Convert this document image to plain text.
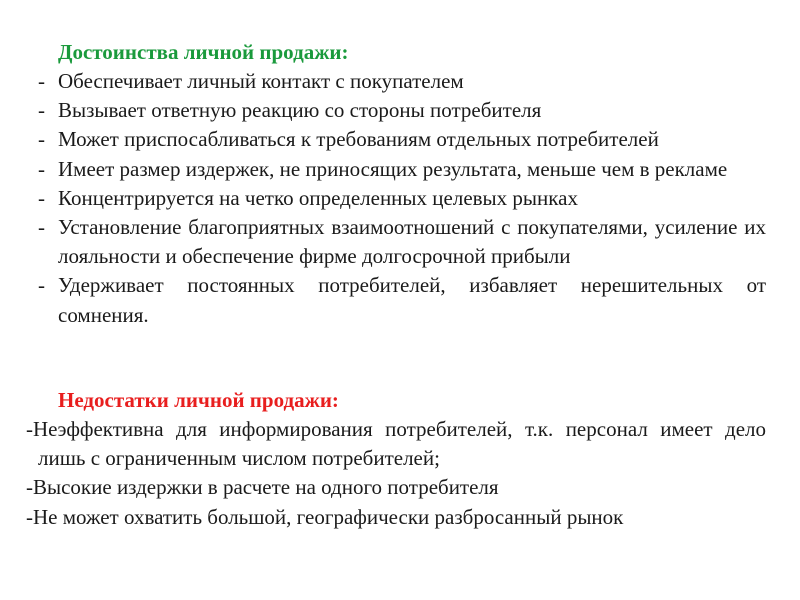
Достоинства личной продажи:
- Обеспечивает личный контакт с покупателем
- Вызывает ответную реакцию со стороны потребителя
- Может приспосабливаться к требованиям отдельных потребителей
- Имеет размер издержек, не приносящих результата, меньше чем в рекламе
- Концентрируется на четко определенных целевых рынках
- Установление благоприятных взаимоотношений с покупателями, усиление их лояльности и обеспечение фирме долгосрочной прибыли
- Удерживает постоянных потребителей, избавляет нерешительных от сомнения.
Недостатки личной продажи:
-Неэффективна для информирования потребителей, т.к. персонал имеет дело лишь с ограниченным числом потребителей;
-Высокие издержки в расчете на одного потребителя
-Не может охватить большой, географически разбросанный рынок
